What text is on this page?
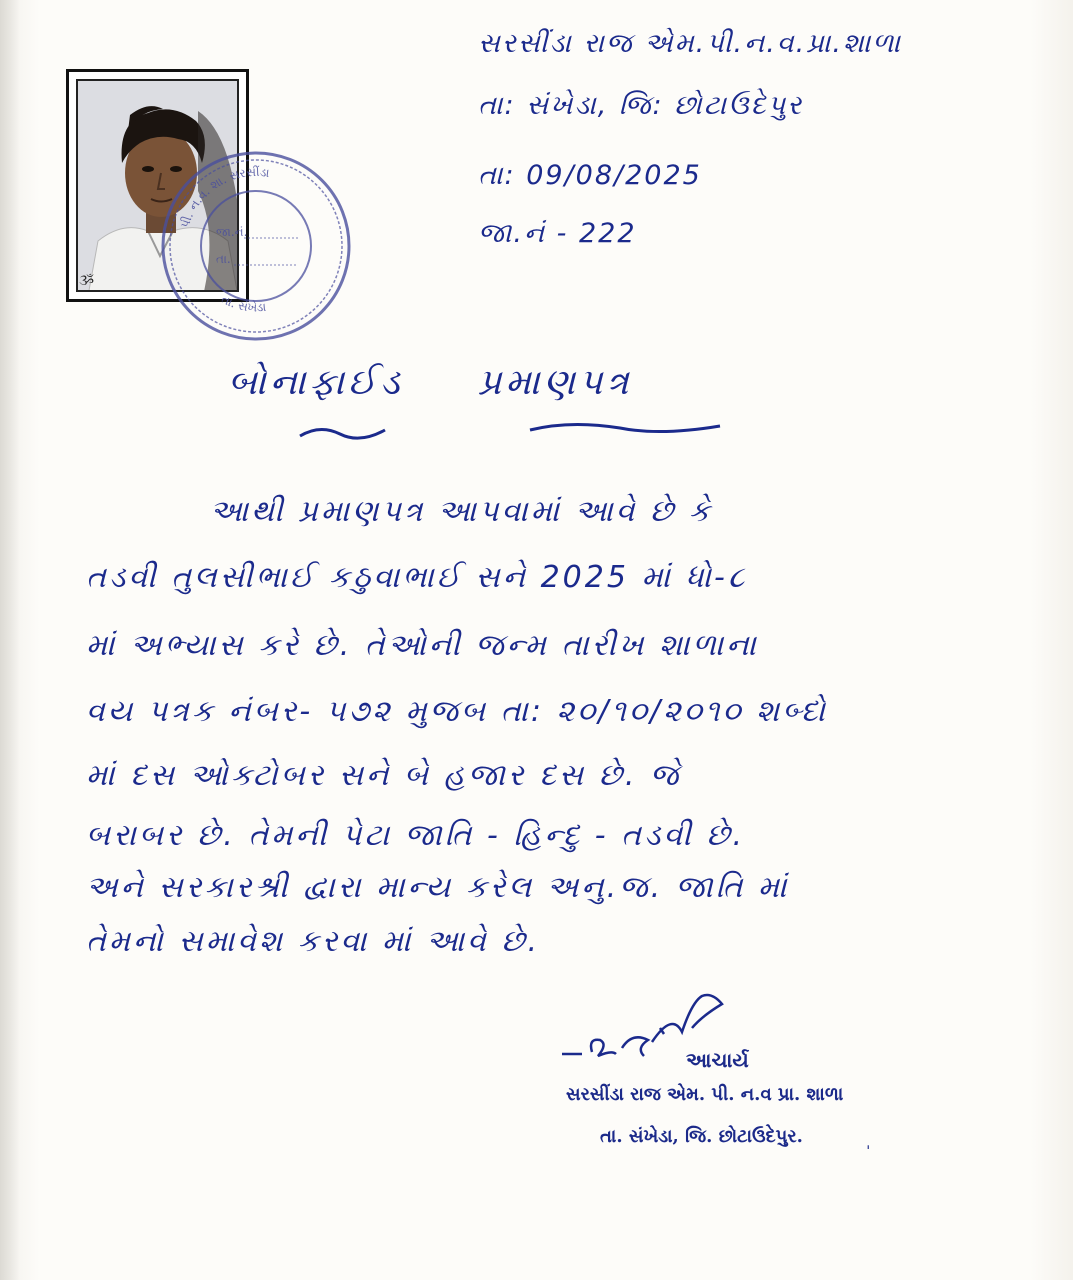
સરસીંડા રાજ એમ.પી.ન.વ.પ્રા.શાળા
તા: સંખેડા, જિ: છોટાઉદેપુર
તા: 09/08/2025
જા.નં - 222
ૐ
પી. ન.વ. શા. સરસીંડા
તા. સંખેડા
જા.નં.
તા.
બોનાફાઈડ પ્રમાણપત્ર
આથી પ્રમાણપત્ર આપવામાં આવે છે કે
તડવી તુલસીભાઈ કઠુવાભાઈ સને 2025 માં ધો-૮
માં અભ્યાસ કરે છે. તેઓની જન્મ તારીખ શાળાના
વય પત્રક નંબર- ૫૭૨ મુજબ તા: ૨૦/૧૦/૨૦૧૦ શબ્દો
માં દસ ઓક્ટોબર સને બે હજાર દસ છે. જે
બરાબર છે. તેમની પેટા જાતિ - હિન્દુ - તડવી છે.
અને સરકારશ્રી દ્વારા માન્ય કરેલ અનુ.જ. જાતિ માં
તેમનો સમાવેશ કરવા માં આવે છે.
આચાર્ય
સરસીંડા રાજ એમ. પી. ન.વ પ્રા. શાળા
તા. સંખેડા, જિ. છોટાઉદેપુર.	ˌ
